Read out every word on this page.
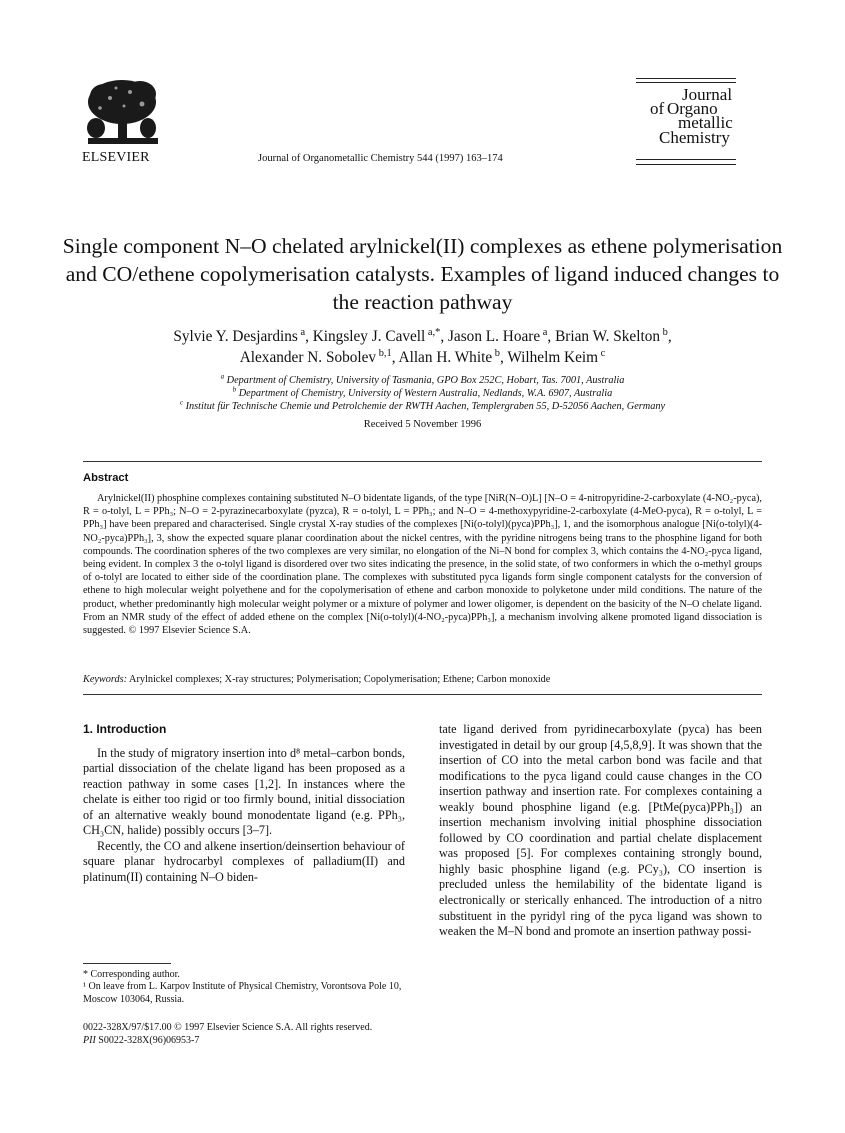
ELSEVIER	Journal of Organometallic Chemistry 544 (1997) 163–174
Journal
of Organo
metallic
Chemistry
Single component N–O chelated arylnickel(II) complexes as ethene polymerisation and CO/ethene copolymerisation catalysts. Examples of ligand induced changes to the reaction pathway
Sylvie Y. Desjardins $^a$, Kingsley J. Cavell $^{a,*}$, Jason L. Hoare $^a$, Brian W. Skelton $^b$,
Alexander N. Sobolev $^{b,1}$, Allan H. White $^b$, Wilhelm Keim $^c$
$^a$ Department of Chemistry, University of Tasmania, GPO Box 252C, Hobart, Tas. 7001, Australia
$^b$ Department of Chemistry, University of Western Australia, Nedlands, W.A. 6907, Australia
$^c$ Institut für Technische Chemie und Petrolchemie der RWTH Aachen, Templergraben 55, D-52056 Aachen, Germany
Received 5 November 1996
Abstract

Arylnickel(II) phosphine complexes containing substituted N–O bidentate ligands, of the type [NiR(N–O)L] [N–O = 4-nitropyridine-2-carboxylate (4-NO₂-pyca), R = o-tolyl, L = PPh₃; N–O = 2-pyrazinecarboxylate (pyzca), R = o-tolyl, L = PPh₃; and N–O = 4-methoxypyridine-2-carboxylate (4-MeO-pyca), R = o-tolyl, L = PPh₃] have been prepared and characterised. Single crystal X-ray studies of the complexes [Ni(o-tolyl)(pyca)PPh₃], 1, and the isomorphous analogue [Ni(o-tolyl)(4-NO₂-pyca)PPh₃], 3, show the expected square planar coordination about the nickel centres, with the pyridine nitrogens being trans to the phosphine ligand for both compounds. The coordination spheres of the two complexes are very similar, no elongation of the Ni–N bond for complex 3, which contains the 4-NO₂-pyca ligand, being evident. In complex 3 the o-tolyl ligand is disordered over two sites indicating the presence, in the solid state, of two conformers in which the o-methyl groups of o-tolyl are located to either side of the coordination plane. The complexes with substituted pyca ligands form single component catalysts for the conversion of ethene to high molecular weight polyethene and for the copolymerisation of ethene and carbon monoxide to polyketone under mild conditions. The nature of the product, whether predominantly high molecular weight polymer or a mixture of polymer and lower oligomer, is dependent on the basicity of the N–O chelate ligand. From an NMR study of the effect of added ethene on the complex [Ni(o-tolyl)(4-NO₂-pyca)PPh₃], a mechanism involving alkene promoted ligand dissociation is suggested. © 1997 Elsevier Science S.A.

Keywords: Arylnickel complexes; X-ray structures; Polymerisation; Copolymerisation; Ethene; Carbon monoxide
1. Introduction

In the study of migratory insertion into d⁸ metal–carbon bonds, partial dissociation of the chelate ligand has been proposed as a reaction pathway in some cases [1,2]. In instances where the chelate is either too rigid or too firmly bound, initial dissociation of an alternative weakly bound monodentate ligand (e.g. PPh₃, CH₃CN, halide) possibly occurs [3–7].

Recently, the CO and alkene insertion/deinsertion behaviour of square planar hydrocarbyl complexes of palladium(II) and platinum(II) containing N–O biden-

tate ligand derived from pyridinecarboxylate (pyca) has been investigated in detail by our group [4,5,8,9]. It was shown that the insertion of CO into the metal carbon bond was facile and that modifications to the pyca ligand could cause changes in the CO insertion pathway and insertion rate. For complexes containing a weakly bound phosphine ligand (e.g. [PtMe(pyca)PPh₃]) an insertion mechanism involving initial phosphine dissociation followed by CO coordination and partial chelate displacement was proposed [5]. For complexes containing strongly bound, highly basic phosphine ligand (e.g. PCy₃), CO insertion is precluded unless the hemilability of the bidentate ligand is electronically or sterically enhanced. The introduction of a nitro substituent in the pyridyl ring of the pyca ligand was shown to weaken the M–N bond and promote an insertion pathway possi-

* Corresponding author.

¹ On leave from L. Karpov Institute of Physical Chemistry, Vorontsova Pole 10, Moscow 103064, Russia.

0022-328X/97/$17.00 © 1997 Elsevier Science S.A. All rights reserved.
PII S0022-328X(96)06953-7
